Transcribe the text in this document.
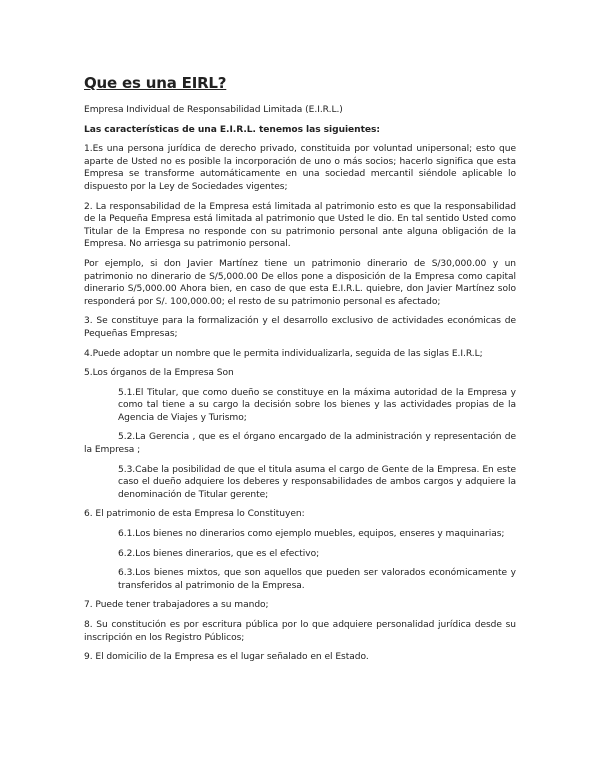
Que es una EIRL?

Empresa Individual de Responsabilidad Limitada (E.I.R.L.)

Las características de una E.I.R.L. tenemos las siguientes:

1.Es una persona jurídica de derecho privado, constituida por voluntad unipersonal; esto que aparte de Usted no es posible la incorporación de uno o más socios; hacerlo significa que esta Empresa se transforme automáticamente en una sociedad mercantil siéndole aplicable lo dispuesto por la Ley de Sociedades vigentes;

2. La responsabilidad de la Empresa está limitada al patrimonio esto es que la responsabilidad de la Pequeña Empresa está limitada al patrimonio que Usted le dio. En tal sentido Usted como Titular de la Empresa no responde con su patrimonio personal ante alguna obligación de la Empresa. No arriesga su patrimonio personal.

Por ejemplo, si don Javier Martínez tiene un patrimonio dinerario de S/30,000.00 y un patrimonio no dinerario de S/5,000.00 De ellos pone a disposición de la Empresa como capital dinerario S/5,000.00 Ahora bien, en caso de que esta E.I.R.L. quiebre, don Javier Martínez solo responderá por S/. 100,000.00; el resto de su patrimonio personal es afectado;

3. Se constituye para la formalización y el desarrollo exclusivo de actividades económicas de Pequeñas Empresas;

4.Puede adoptar un nombre que le permita individualizarla, seguida de las siglas E.I.R.L;

5.Los órganos de la Empresa Son

5.1.El Titular, que como dueño se constituye en la máxima autoridad de la Empresa y como tal tiene a su cargo la decisión sobre los bienes y las actividades propias de la Agencia de Viajes y Turismo;

5.2.La Gerencia , que es el órgano encargado de la administración y representación de la Empresa ;

5.3.Cabe la posibilidad de que el titula asuma el cargo de Gente de la Empresa. En este caso el dueño adquiere los deberes y responsabilidades de ambos cargos y adquiere la denominación de Titular gerente;

6. El patrimonio de esta Empresa lo Constituyen:

6.1.Los bienes no dinerarios como ejemplo muebles, equipos, enseres y maquinarias;

6.2.Los bienes dinerarios, que es el efectivo;

6.3.Los bienes mixtos, que son aquellos que pueden ser valorados económicamente y transferidos al patrimonio de la Empresa.

7. Puede tener trabajadores a su mando;

8. Su constitución es por escritura pública por lo que adquiere personalidad jurídica desde su inscripción en los Registro Públicos;

9. El domicilio de la Empresa es el lugar señalado en el Estado.
